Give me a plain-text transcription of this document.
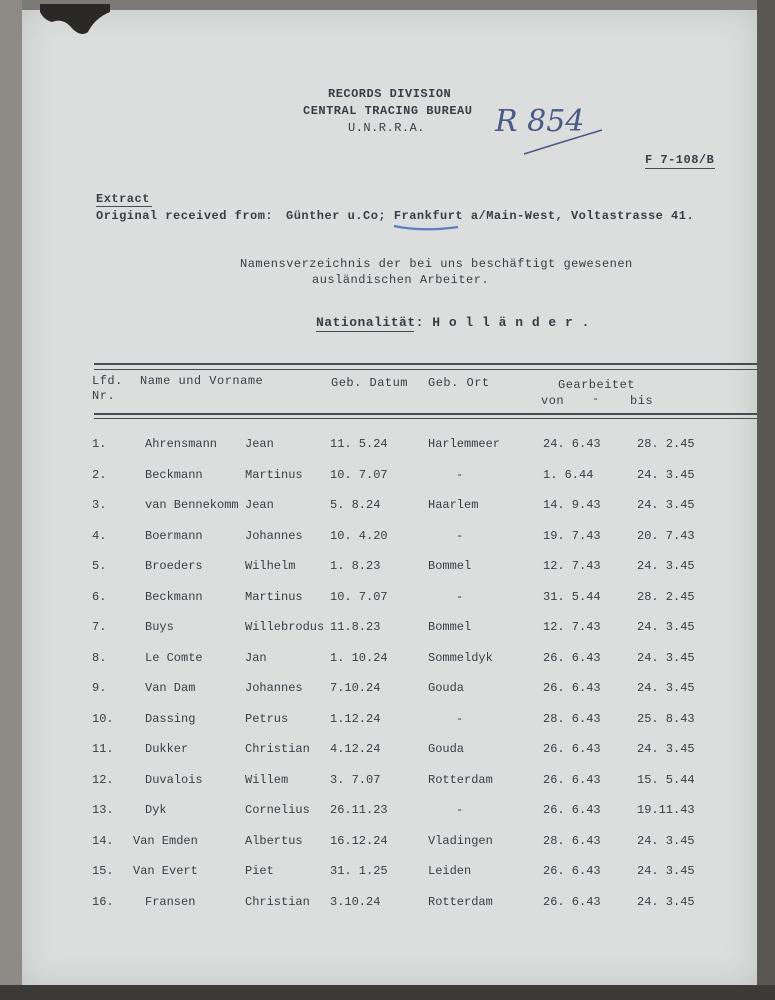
RECORDS DIVISION
CENTRAL TRACING BUREAU
U.N.R.R.A. R 854
F 7-108/B
Extract
Original received from: Günther u.Co; Frankfurt a/Main-West, Voltastrasse 41.
Namensverzeichnis der bei uns beschäftigt gewesenen
ausländischen Arbeiter.
Nationalität: H o l l ä n d e r .
Lfd.
Nr.
Name und Vorname	Geb. Datum Geb. Ort	Gearbeitet
von -	bis
1.	Ahrensmann Jean	11. 5.24	Harlemmeer	24. 6.43	28. 2.45
2.	Beckmann	Martinus 10. 7.07	-	1. 6.44	24. 3.45
3.	van Bennekomm Jean	5. 8.24	Haarlem	14. 9.43	24. 3.45
4.	Boermann	Johannes 10. 4.20	-	19. 7.43	20. 7.43
5.	Broeders	Wilhelm	1. 8.23	Bommel	12. 7.43	24. 3.45
6.	Beckmann	Martinus 10. 7.07	-	31. 5.44	28. 2.45
7.	Buys	Willebrodus 11.8.23	Bommel	12. 7.43	24. 3.45
8.	Le Comte	Jan	1. 10.24	Sommeldyk	26. 6.43	24. 3.45
9.	Van Dam	Johannes 7.10.24	Gouda	26. 6.43	24. 3.45
10.	Dassing	Petrus	1.12.24	-	28. 6.43	25. 8.43
11.	Dukker	Christian 4.12.24	Gouda	26. 6.43	24. 3.45
12.	Duvalois	Willem	3. 7.07	Rotterdam	26. 6.43	15. 5.44
13.	Dyk	Cornelius 26.11.23	-	26. 6.43	19.11.43
14. Van Emden	Albertus 16.12.24	Vladingen	28. 6.43	24. 3.45
15. Van Evert	Piet	31. 1.25	Leiden	26. 6.43	24. 3.45
16.	Fransen	Christian 3.10.24	Rotterdam	26. 6.43	24. 3.45
